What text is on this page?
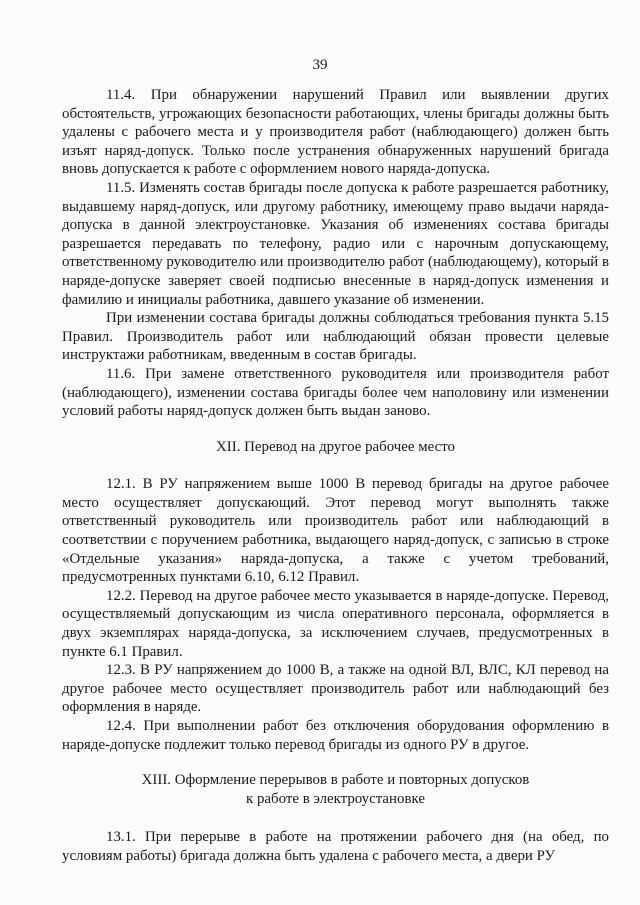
39

11.4. При обнаружении нарушений Правил или выявлении других обстоятельств, угрожающих безопасности работающих, члены бригады должны быть удалены с рабочего места и у производителя работ (наблюдающего) должен быть изъят наряд-допуск. Только после устранения обнаруженных нарушений бригада вновь допускается к работе с оформлением нового наряда-допуска.

11.5. Изменять состав бригады после допуска к работе разрешается работнику, выдавшему наряд-допуск, или другому работнику, имеющему право выдачи наряда-допуска в данной электроустановке. Указания об изменениях состава бригады разрешается передавать по телефону, радио или с нарочным допускающему, ответственному руководителю или производителю работ (наблюдающему), который в наряде-допуске заверяет своей подписью внесенные в наряд-допуск изменения и фамилию и инициалы работника, давшего указание об изменении.

При изменении состава бригады должны соблюдаться требования пункта 5.15 Правил. Производитель работ или наблюдающий обязан провести целевые инструктажи работникам, введенным в состав бригады.

11.6. При замене ответственного руководителя или производителя работ (наблюдающего), изменении состава бригады более чем наполовину или изменении условий работы наряд-допуск должен быть выдан заново.

XII. Перевод на другое рабочее место

12.1. В РУ напряжением выше 1000 В перевод бригады на другое рабочее место осуществляет допускающий. Этот перевод могут выполнять также ответственный руководитель или производитель работ или наблюдающий в соответствии с поручением работника, выдающего наряд-допуск, с записью в строке «Отдельные указания» наряда-допуска, а также с учетом требований, предусмотренных пунктами 6.10, 6.12 Правил.

12.2. Перевод на другое рабочее место указывается в наряде-допуске. Перевод, осуществляемый допускающим из числа оперативного персонала, оформляется в двух экземплярах наряда-допуска, за исключением случаев, предусмотренных в пункте 6.1 Правил.

12.3. В РУ напряжением до 1000 В, а также на одной ВЛ, ВЛС, КЛ перевод на другое рабочее место осуществляет производитель работ или наблюдающий без оформления в наряде.

12.4. При выполнении работ без отключения оборудования оформлению в наряде-допуске подлежит только перевод бригады из одного РУ в другое.

XIII. Оформление перерывов в работе и повторных допусков

к работе в электроустановке

13.1. При перерыве в работе на протяжении рабочего дня (на обед, по условиям работы) бригада должна быть удалена с рабочего места, а двери РУ
